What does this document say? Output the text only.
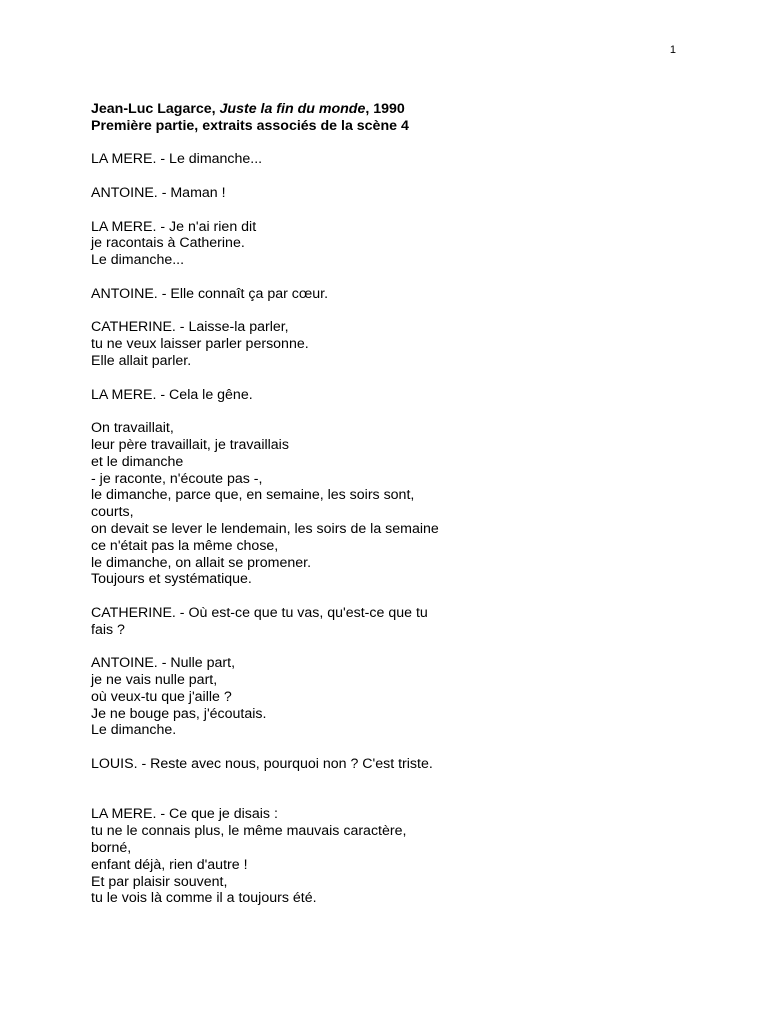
1
Jean-Luc Lagarce, Juste la fin du monde, 1990
Première partie, extraits associés de la scène 4
LA MERE. - Le dimanche...
ANTOINE. - Maman !
LA MERE. - Je n'ai rien dit
je racontais à Catherine.
Le dimanche...
ANTOINE. - Elle connaît ça par cœur.
CATHERINE. - Laisse-la parler,
tu ne veux laisser parler personne.
Elle allait parler.
LA MERE. - Cela le gêne.
On travaillait,
leur père travaillait, je travaillais
et le dimanche
- je raconte, n'écoute pas -,
le dimanche, parce que, en semaine, les soirs sont,
courts,
on devait se lever le lendemain, les soirs de la semaine
ce n'était pas la même chose,
le dimanche, on allait se promener.
Toujours et systématique.
CATHERINE. - Où est-ce que tu vas, qu'est-ce que tu
fais ?
ANTOINE. - Nulle part,
je ne vais nulle part,
où veux-tu que j'aille ?
Je ne bouge pas, j'écoutais.
Le dimanche.
LOUIS. - Reste avec nous, pourquoi non ? C'est triste.
LA MERE. - Ce que je disais :
tu ne le connais plus, le même mauvais caractère,
borné,
enfant déjà, rien d'autre !
Et par plaisir souvent,
tu le vois là comme il a toujours été.
